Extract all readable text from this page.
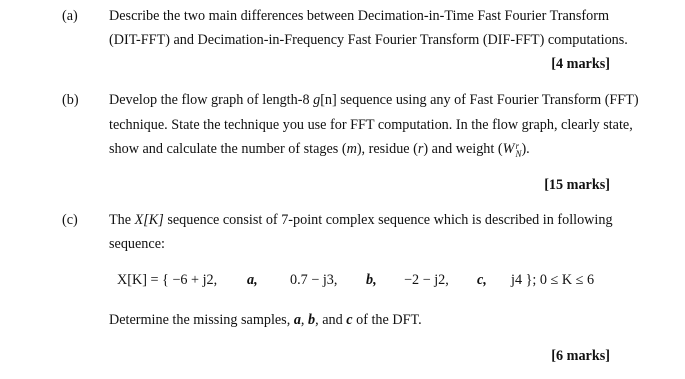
(a) Describe the two main differences between Decimation-in-Time Fast Fourier Transform
(DIT-FFT) and Decimation-in-Frequency Fast Fourier Transform (DIF-FFT) computations.
[4 marks]
(b) Develop the flow graph of length-8 g[n] sequence using any of Fast Fourier Transform (FFT)
technique. State the technique you use for FFT computation. In the flow graph, clearly state,
show and calculate the number of stages (m), residue (r) and weight (W r
N ).
[15 marks]
(c) The X[K] sequence consist of 7-point complex sequence which is described in following
sequence:
X[K] = { −6 + j2, a, 0.7 − j3, b, −2 − j2, c, j4 }; 0 ≤ K ≤ 6
Determine the missing samples, a, b, and c of the DFT.
[6 marks]
